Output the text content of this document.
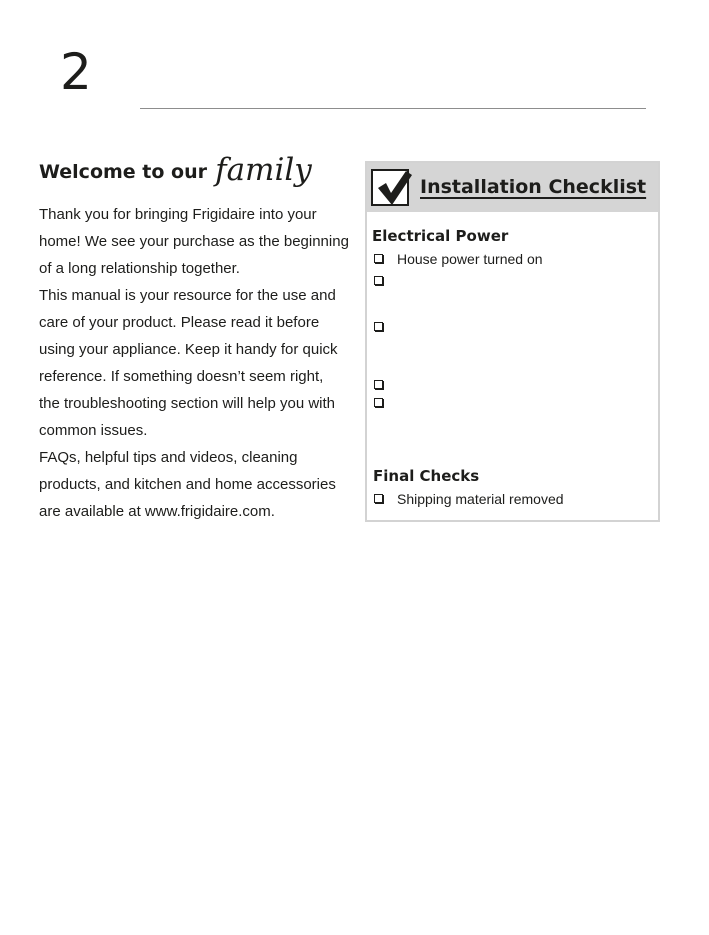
2
Welcome to our family
Thank you for bringing Frigidaire into your
home! We see your purchase as the beginning
of a long relationship together.
This manual is your resource for the use and
care of your product. Please read it before
using your appliance. Keep it handy for quick
reference. If something doesn’t seem right,
the troubleshooting section will help you with
common issues.
FAQs, helpful tips and videos, cleaning
products, and kitchen and home accessories
are available at www.frigidaire.com.
Installation Checklist
Electrical Power
House power turned on
Final Checks
Shipping material removed
